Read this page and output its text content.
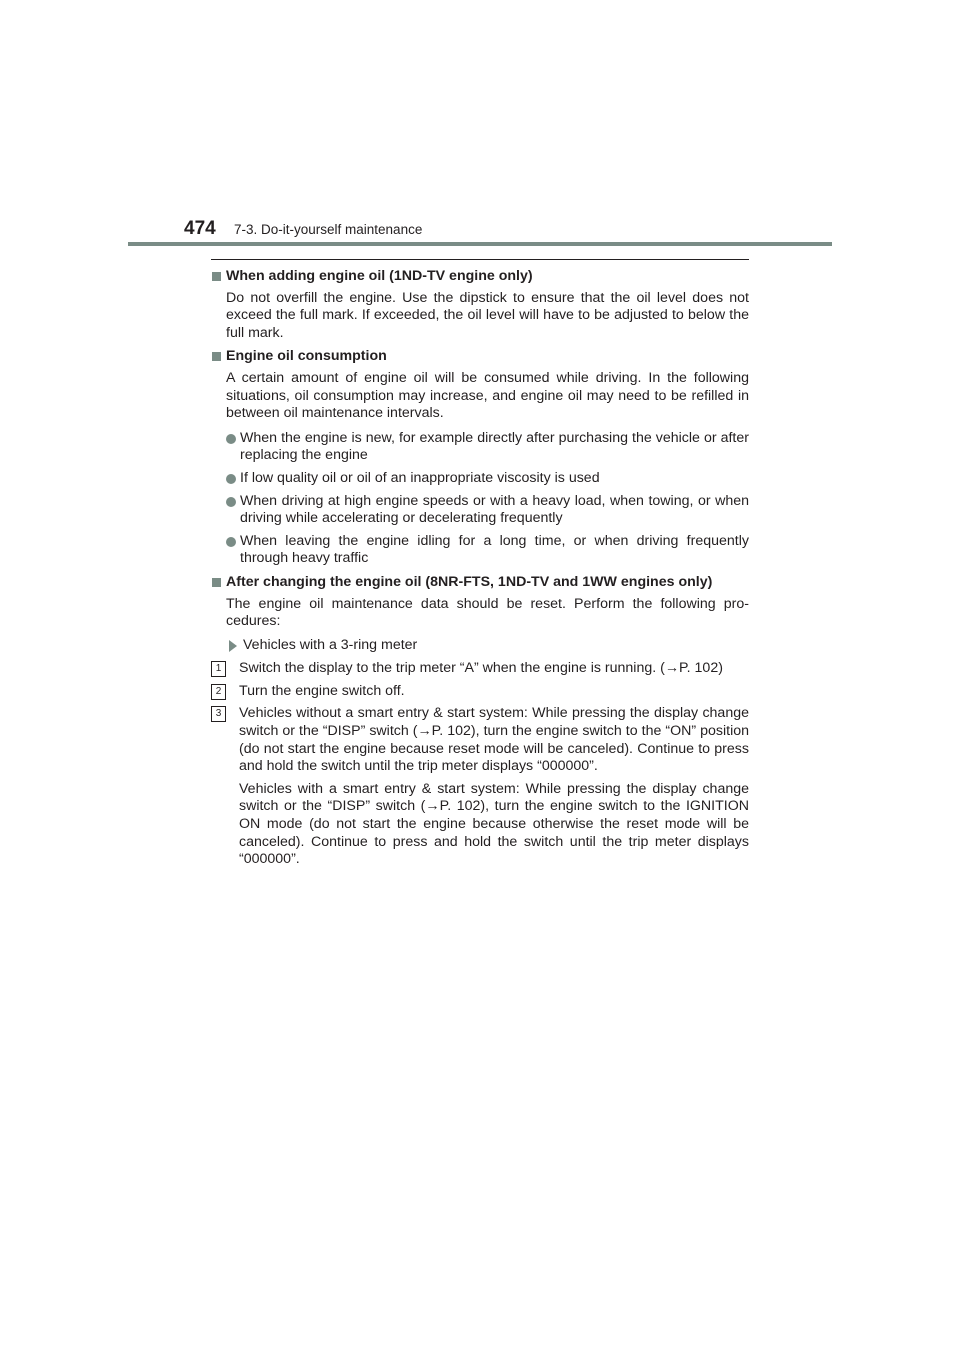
474 7-3. Do-it-yourself maintenance
When adding engine oil (1ND-TV engine only)
Do not overfill the engine. Use the dipstick to ensure that the oil level does not exceed the full mark. If exceeded, the oil level will have to be adjusted to below the full mark.
Engine oil consumption
A certain amount of engine oil will be consumed while driving. In the following situations, oil consumption may increase, and engine oil may need to be refilled in between oil maintenance intervals.
When the engine is new, for example directly after purchasing the vehicle or after replacing the engine
If low quality oil or oil of an inappropriate viscosity is used
When driving at high engine speeds or with a heavy load, when towing, or when driving while accelerating or decelerating frequently
When leaving the engine idling for a long time, or when driving frequently through heavy traffic
After changing the engine oil (8NR-FTS, 1ND-TV and 1WW engines only)
The engine oil maintenance data should be reset. Perform the following pro-cedures:
Vehicles with a 3-ring meter
1	Switch the display to the trip meter “A” when the engine is running. (→P. 102)

2	Turn the engine switch off.

3	Vehicles without a smart entry & start system: While pressing the display change switch or the “DISP” switch (→P. 102), turn the engine switch to the “ON” position (do not start the engine because reset mode will be canceled). Continue to press and hold the switch until the trip meter displays “000000”.

Vehicles with a smart entry & start system: While pressing the display change switch or the “DISP” switch (→P. 102), turn the engine switch to the IGNITION ON mode (do not start the engine because otherwise the reset mode will be canceled). Continue to press and hold the switch until the trip meter displays “000000”.
